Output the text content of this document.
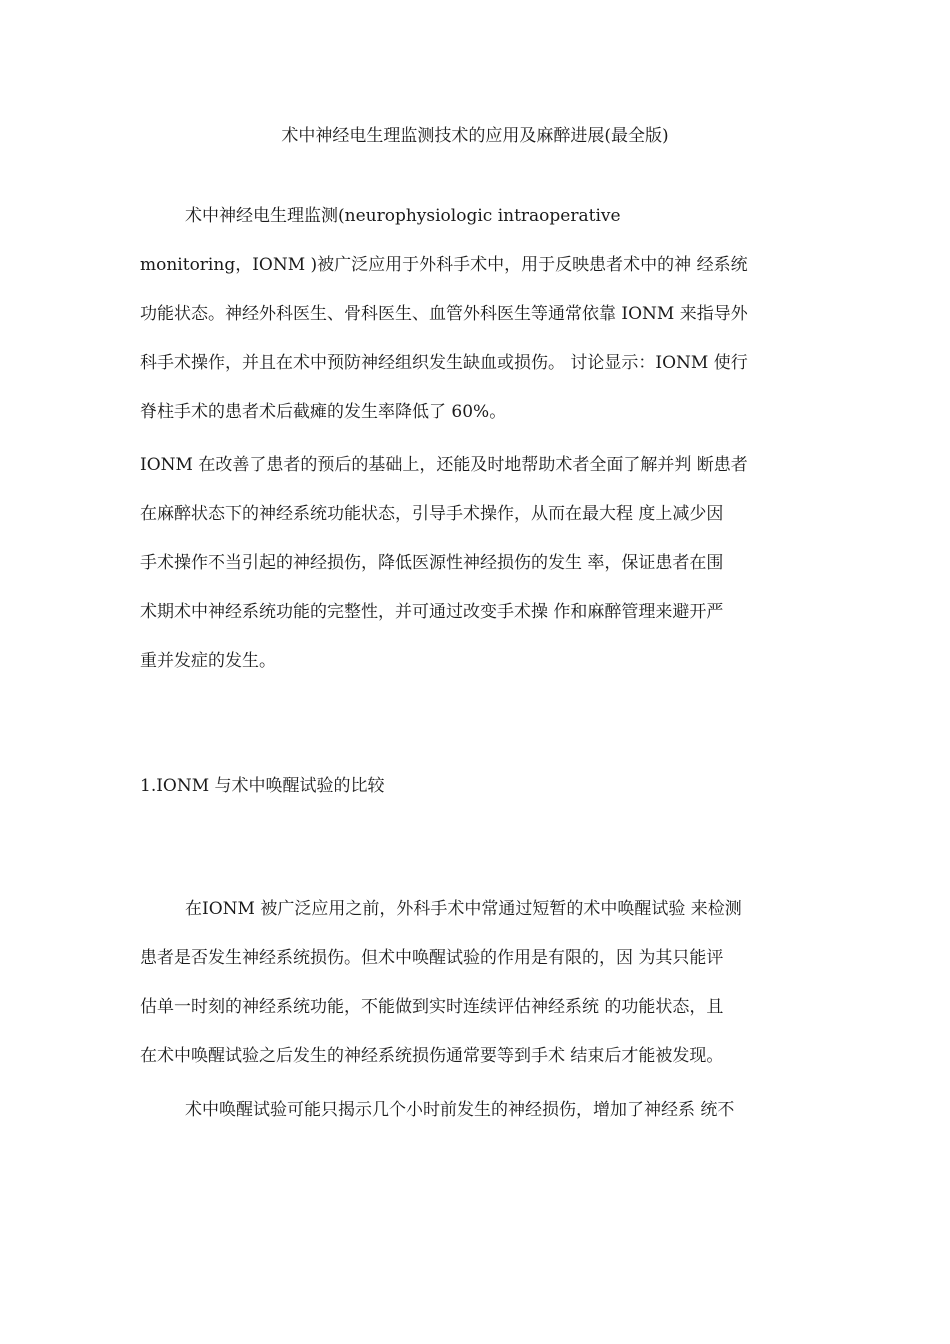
术中神经电生理监测技术的应用及麻醉进展(最全版)
术中神经电生理监测(neurophysiologic intraoperative
monitoring，IONM )被广泛应用于外科手术中，用于反映患者术中的神 经系统
功能状态。神经外科医生、骨科医生、血管外科医生等通常依靠 IONM 来指导外
科手术操作，并且在术中预防神经组织发生缺血或损伤。 讨论显示：IONM 使行
脊柱手术的患者术后截瘫的发生率降低了 60%。
IONM 在改善了患者的预后的基础上，还能及时地帮助术者全面了解并判 断患者
在麻醉状态下的神经系统功能状态，引导手术操作，从而在最大程 度上减少因
手术操作不当引起的神经损伤，降低医源性神经损伤的发生 率，保证患者在围
术期术中神经系统功能的完整性，并可通过改变手术操 作和麻醉管理来避开严
重并发症的发生。
1.IONM 与术中唤醒试验的比较
在IONM 被广泛应用之前，外科手术中常通过短暂的术中唤醒试验 来检测
患者是否发生神经系统损伤。但术中唤醒试验的作用是有限的，因 为其只能评
估单一时刻的神经系统功能，不能做到实时连续评估神经系统 的功能状态，且
在术中唤醒试验之后发生的神经系统损伤通常要等到手术 结束后才能被发现。
术中唤醒试验可能只揭示几个小时前发生的神经损伤，增加了神经系 统不
